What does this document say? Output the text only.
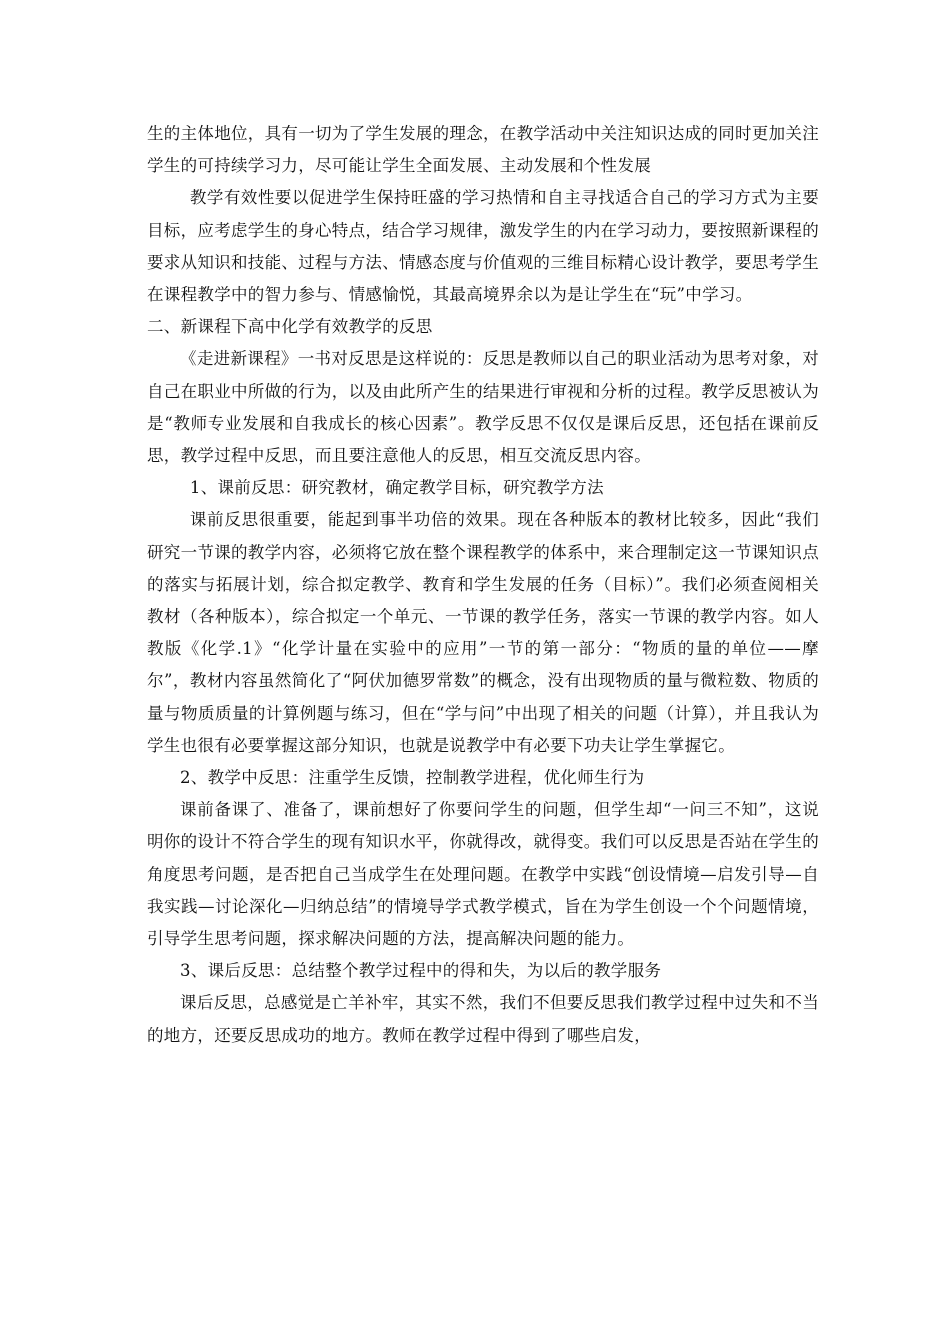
生的主体地位，具有一切为了学生发展的理念，在教学活动中关注知识达成的同时更加关注学生的可持续学习力，尽可能让学生全面发展、主动发展和个性发展

教学有效性要以促进学生保持旺盛的学习热情和自主寻找适合自己的学习方式为主要目标，应考虑学生的身心特点，结合学习规律，激发学生的内在学习动力，要按照新课程的要求从知识和技能、过程与方法、情感态度与价值观的三维目标精心设计教学，要思考学生在课程教学中的智力参与、情感愉悦，其最高境界余以为是让学生在“玩”中学习。

二、新课程下高中化学有效教学的反思

《走进新课程》一书对反思是这样说的：反思是教师以自己的职业活动为思考对象，对自己在职业中所做的行为，以及由此所产生的结果进行审视和分析的过程。教学反思被认为是“教师专业发展和自我成长的核心因素”。教学反思不仅仅是课后反思，还包括在课前反思，教学过程中反思，而且要注意他人的反思，相互交流反思内容。

1、课前反思：研究教材，确定教学目标，研究教学方法

课前反思很重要，能起到事半功倍的效果。现在各种版本的教材比较多，因此“我们研究一节课的教学内容，必须将它放在整个课程教学的体系中，来合理制定这一节课知识点的落实与拓展计划，综合拟定教学、教育和学生发展的任务（目标）”。我们必须查阅相关教材（各种版本），综合拟定一个单元、一节课的教学任务，落实一节课的教学内容。如人教版《化学.1》“化学计量在实验中的应用”一节的第一部分：“物质的量的单位——摩尔”，教材内容虽然简化了“阿伏加德罗常数”的概念，没有出现物质的量与微粒数、物质的量与物质质量的计算例题与练习，但在“学与问”中出现了相关的问题（计算），并且我认为学生也很有必要掌握这部分知识，也就是说教学中有必要下功夫让学生掌握它。

2、教学中反思：注重学生反馈，控制教学进程，优化师生行为

课前备课了、准备了，课前想好了你要问学生的问题，但学生却“一问三不知”，这说明你的设计不符合学生的现有知识水平，你就得改，就得变。我们可以反思是否站在学生的角度思考问题，是否把自己当成学生在处理问题。在教学中实践“创设情境—启发引导—自我实践—讨论深化—归纳总结”的情境导学式教学模式，旨在为学生创设一个个问题情境，引导学生思考问题，探求解决问题的方法，提高解决问题的能力。

3、课后反思：总结整个教学过程中的得和失，为以后的教学服务

课后反思，总感觉是亡羊补牢，其实不然，我们不但要反思我们教学过程中过失和不当的地方，还要反思成功的地方。教师在教学过程中得到了哪些启发，
